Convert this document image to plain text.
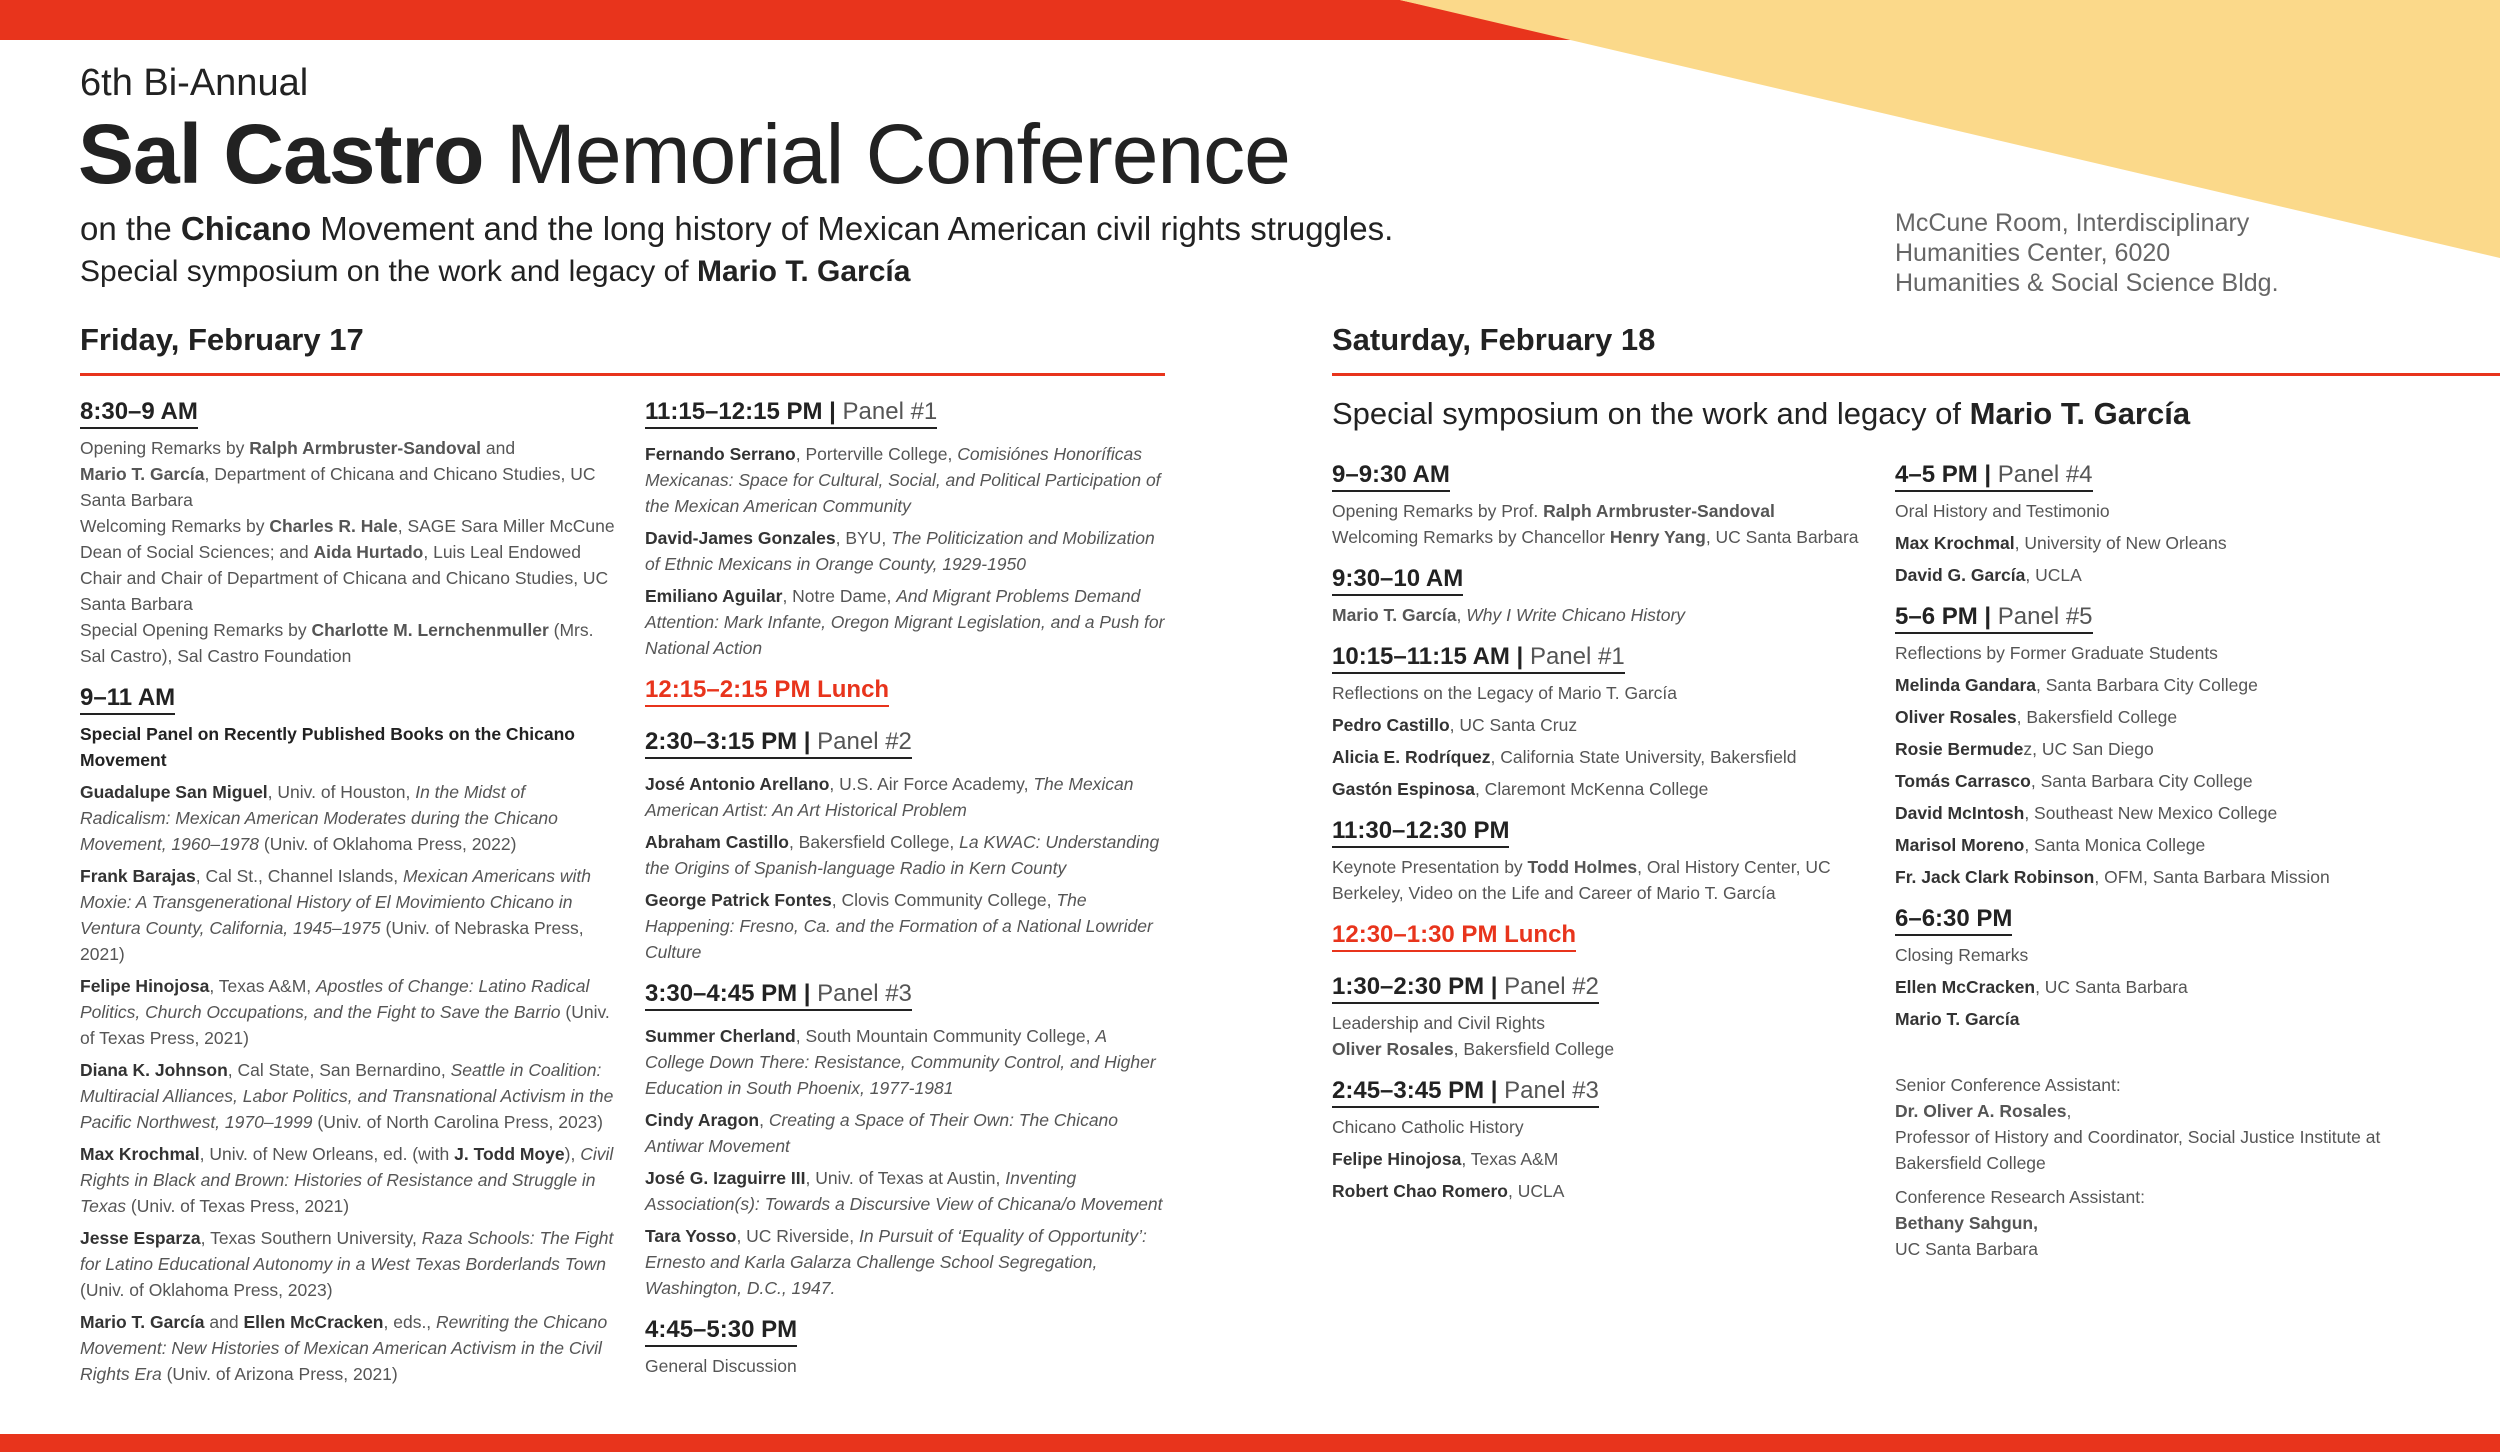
6th Bi-Annual
Sal Castro Memorial Conference
on the Chicano Movement and the long history of Mexican American civil rights struggles.
Special symposium on the work and legacy of Mario T. García
McCune Room, Interdisciplinary
Humanities Center, 6020
Humanities & Social Science Bldg.
Friday, February 17	Saturday, February 18
8:30–9 AM
Opening Remarks by Ralph Armbruster-Sandoval and
Mario T. García, Department of Chicana and Chicano Studies, UC Santa Barbara
Welcoming Remarks by Charles R. Hale, SAGE Sara Miller McCune Dean of Social Sciences; and Aida Hurtado, Luis Leal Endowed Chair and Chair of Department of Chicana and Chicano Studies, UC Santa Barbara
Special Opening Remarks by Charlotte M. Lernchenmuller (Mrs. Sal Castro), Sal Castro Foundation
9–11 AM
Special Panel on Recently Published Books on the Chicano Movement
Guadalupe San Miguel, Univ. of Houston, In the Midst of Radicalism: Mexican American Moderates during the Chicano Movement, 1960–1978 (Univ. of Oklahoma Press, 2022)
Frank Barajas, Cal St., Channel Islands, Mexican Americans with Moxie: A Transgenerational History of El Movimiento Chicano in Ventura County, California, 1945–1975 (Univ. of Nebraska Press, 2021)
Felipe Hinojosa, Texas A&M, Apostles of Change: Latino Radical Politics, Church Occupations, and the Fight to Save the Barrio (Univ. of Texas Press, 2021)
Diana K. Johnson, Cal State, San Bernardino, Seattle in Coalition: Multiracial Alliances, Labor Politics, and Transnational Activism in the Pacific Northwest, 1970–1999 (Univ. of North Carolina Press, 2023)
Max Krochmal, Univ. of New Orleans, ed. (with J. Todd Moye), Civil Rights in Black and Brown: Histories of Resistance and Struggle in Texas (Univ. of Texas Press, 2021)
Jesse Esparza, Texas Southern University, Raza Schools: The Fight for Latino Educational Autonomy in a West Texas Borderlands Town (Univ. of Oklahoma Press, 2023)
Mario T. García and Ellen McCracken, eds., Rewriting the Chicano Movement: New Histories of Mexican American Activism in the Civil Rights Era (Univ. of Arizona Press, 2021)
11:15–12:15 PM | Panel #1
Fernando Serrano, Porterville College, Comisiónes Honoríficas Mexicanas: Space for Cultural, Social, and Political Participation of the Mexican American Community
David-James Gonzales, BYU, The Politicization and Mobilization of Ethnic Mexicans in Orange County, 1929-1950
Emiliano Aguilar, Notre Dame, And Migrant Problems Demand Attention: Mark Infante, Oregon Migrant Legislation, and a Push for National Action
12:15–2:15 PM Lunch
2:30–3:15 PM | Panel #2
José Antonio Arellano, U.S. Air Force Academy, The Mexican American Artist: An Art Historical Problem
Abraham Castillo, Bakersfield College, La KWAC: Understanding the Origins of Spanish-language Radio in Kern County
George Patrick Fontes, Clovis Community College, The Happening: Fresno, Ca. and the Formation of a National Lowrider Culture
3:30–4:45 PM | Panel #3
Summer Cherland, South Mountain Community College, A College Down There: Resistance, Community Control, and Higher Education in South Phoenix, 1977-1981
Cindy Aragon, Creating a Space of Their Own: The Chicano Antiwar Movement
José G. Izaguirre III, Univ. of Texas at Austin, Inventing Association(s): Towards a Discursive View of Chicana/o Movement
Tara Yosso, UC Riverside, In Pursuit of ‘Equality of Opportunity’: Ernesto and Karla Galarza Challenge School Segregation, Washington, D.C., 1947.
4:45–5:30 PM
General Discussion
Special symposium on the work and legacy of Mario T. García
9–9:30 AM
Opening Remarks by Prof. Ralph Armbruster-Sandoval
Welcoming Remarks by Chancellor Henry Yang, UC Santa Barbara
9:30–10 AM
Mario T. García, Why I Write Chicano History
10:15–11:15 AM | Panel #1
Reflections on the Legacy of Mario T. García
Pedro Castillo, UC Santa Cruz
Alicia E. Rodríquez, California State University, Bakersfield
Gastón Espinosa, Claremont McKenna College
11:30–12:30 PM
Keynote Presentation by Todd Holmes, Oral History Center, UC Berkeley, Video on the Life and Career of Mario T. García
12:30–1:30 PM Lunch
1:30–2:30 PM | Panel #2
Leadership and Civil Rights
Oliver Rosales, Bakersfield College
2:45–3:45 PM | Panel #3
Chicano Catholic History
Felipe Hinojosa, Texas A&M
Robert Chao Romero, UCLA
4–5 PM | Panel #4
Oral History and Testimonio
Max Krochmal, University of New Orleans
David G. García, UCLA
5–6 PM | Panel #5
Reflections by Former Graduate Students
Melinda Gandara, Santa Barbara City College
Oliver Rosales, Bakersfield College
Rosie Bermudez, UC San Diego
Tomás Carrasco, Santa Barbara City College
David McIntosh, Southeast New Mexico College
Marisol Moreno, Santa Monica College
Fr. Jack Clark Robinson, OFM, Santa Barbara Mission
6–6:30 PM
Closing Remarks
Ellen McCracken, UC Santa Barbara
Mario T. García
Senior Conference Assistant:
Dr. Oliver A. Rosales,
Professor of History and Coordinator, Social Justice Institute at Bakersfield College
Conference Research Assistant:
Bethany Sahgun,
UC Santa Barbara
